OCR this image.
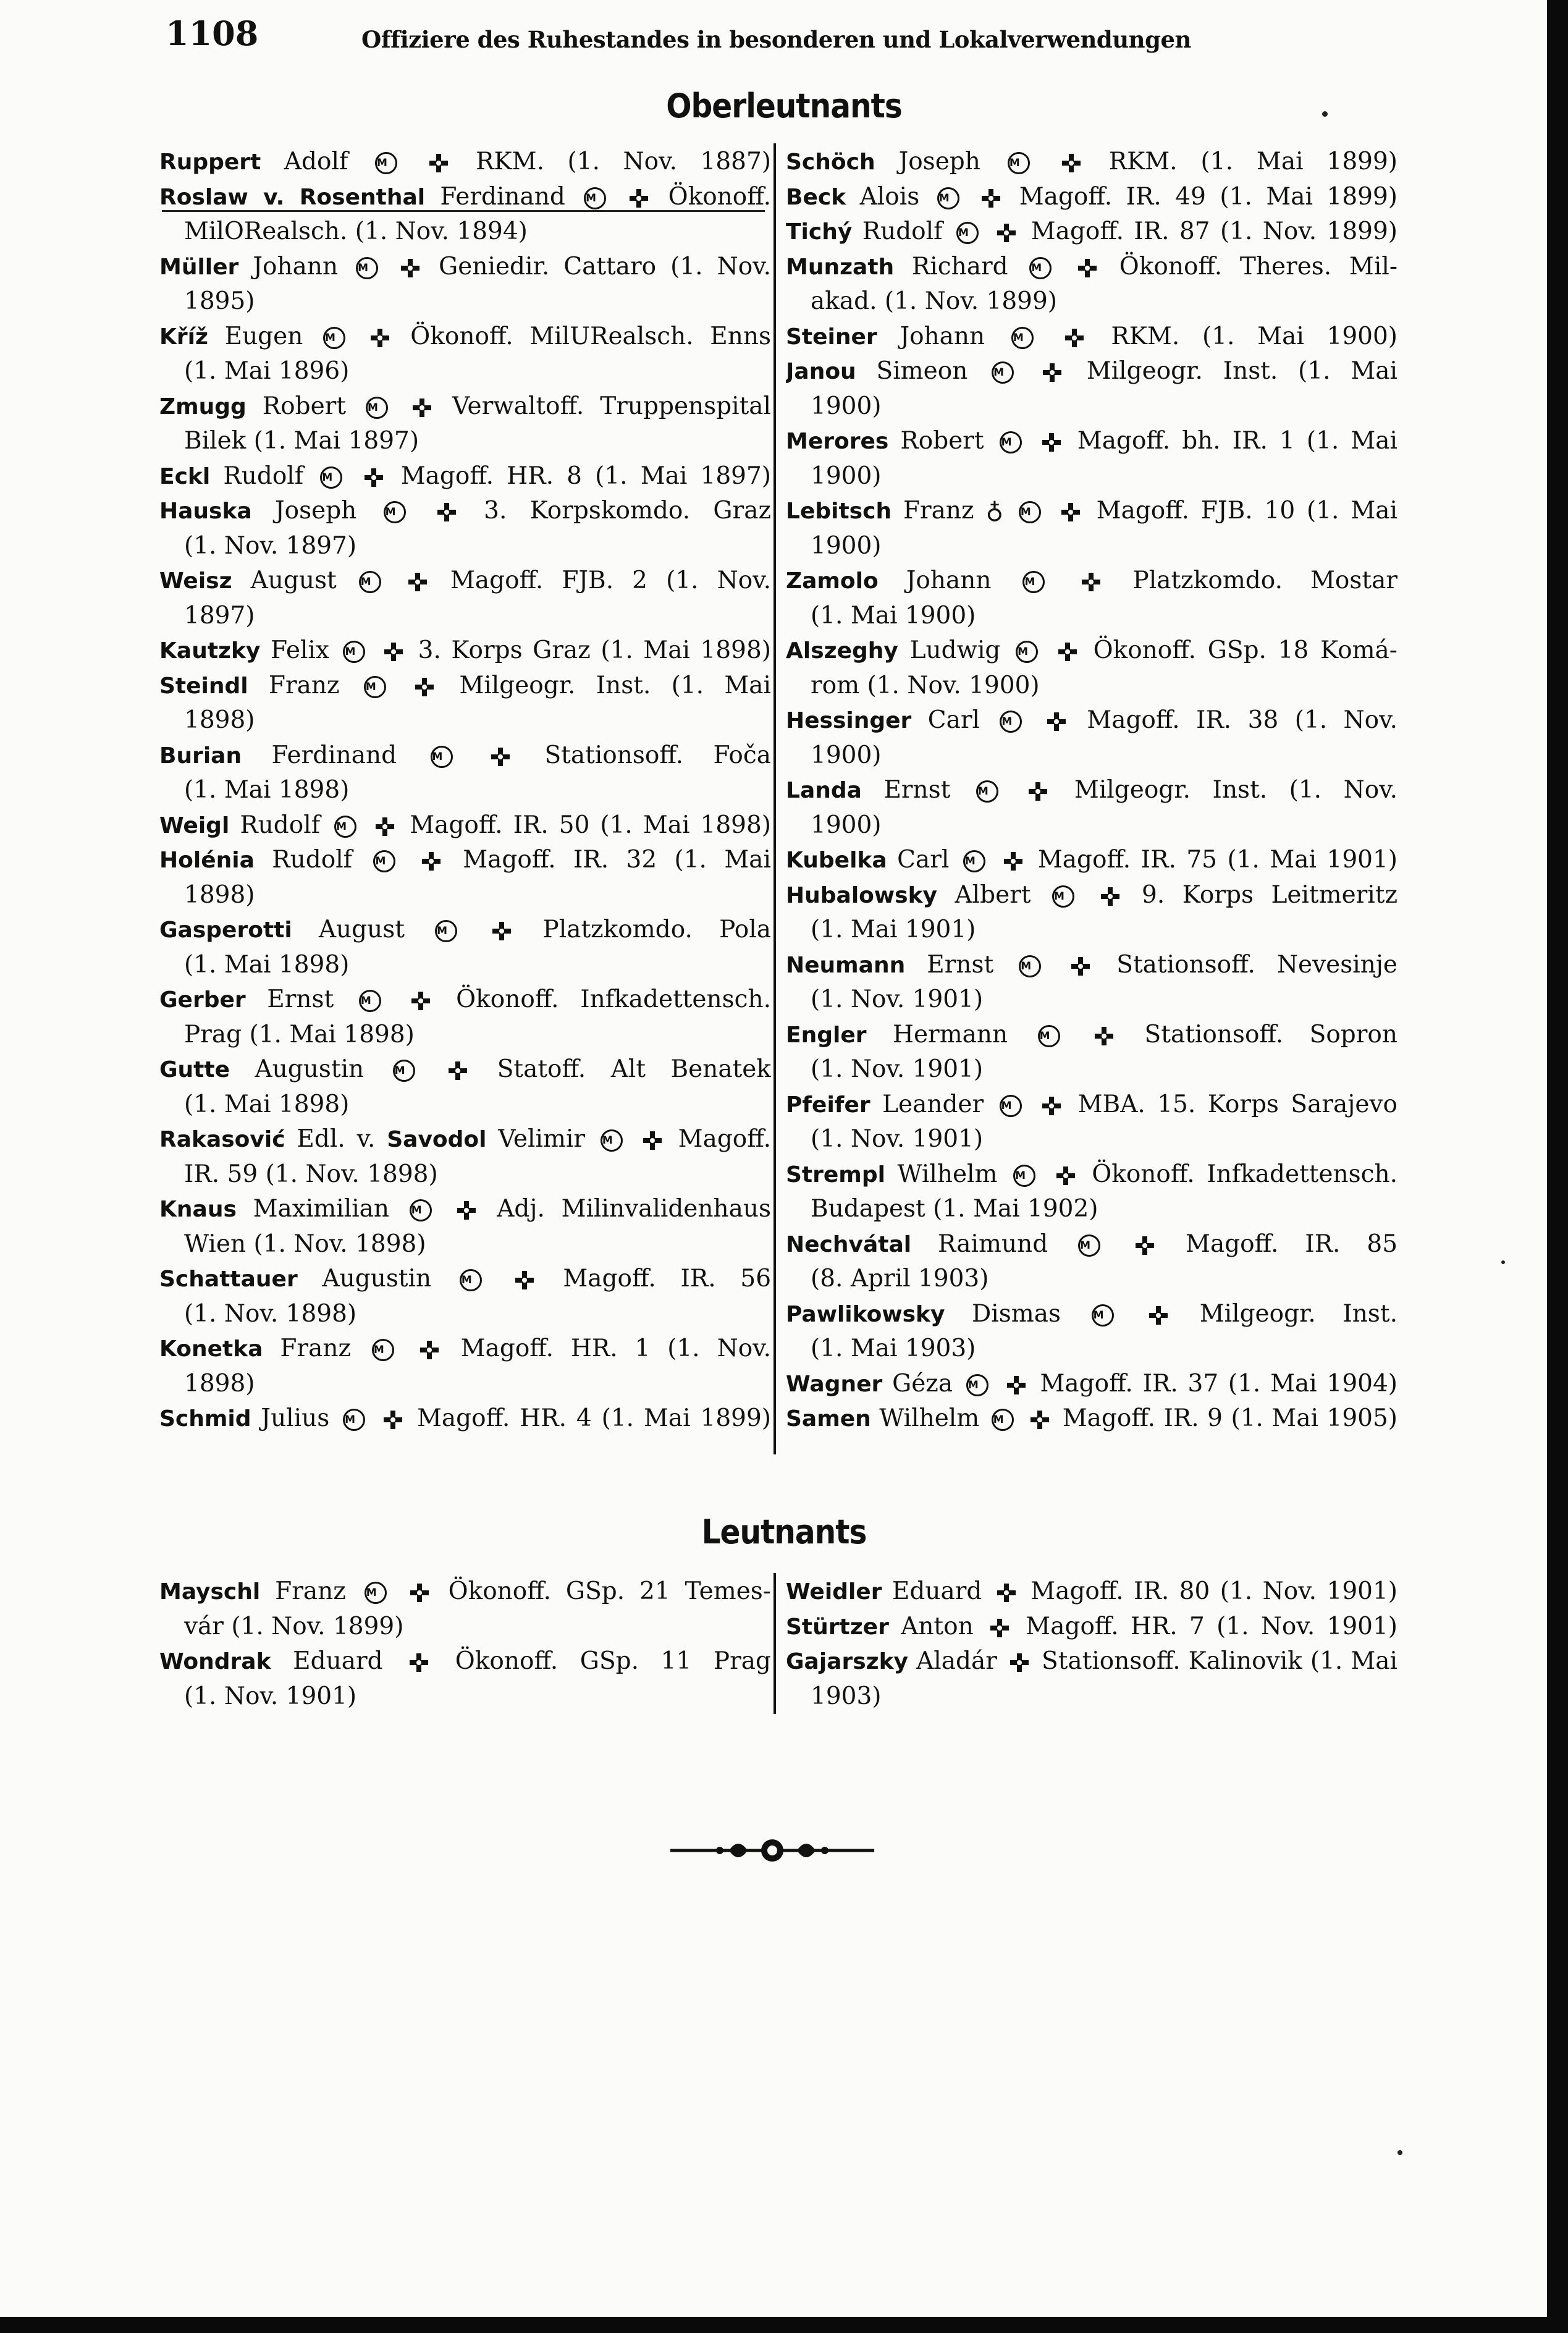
1108	Offiziere des Ruhestandes in besonderen und Lokalverwendungen
Oberleutnants
Ruppert Adolf M	RKM. (1. Nov. 1887)
Roslaw v. Rosenthal Ferdinand M  Ökonoff.
MilORealsch. (1. Nov. 1894)
Müller Johann M  Geniedir. Cattaro (1. Nov.
1895)
Kříž Eugen M  Ökonoff. MilURealsch. Enns
(1. Mai 1896)
Zmugg Robert M  Verwaltoff. Truppenspital
Bilek (1. Mai 1897)
Eckl Rudolf M  Magoff. HR. 8 (1. Mai 1897)
Hauska Joseph M	3. Korpskomdo. Graz
(1. Nov. 1897)
Weisz August M	Magoff. FJB. 2 (1. Nov.
1897)
Kautzky Felix M  3. Korps Graz (1. Mai 1898)
Steindl Franz M	Milgeogr. Inst. (1. Mai
1898)
Burian Ferdinand M	Stationsoff. Foča
(1. Mai 1898)
Weigl Rudolf M  Magoff. IR. 50 (1. Mai 1898)
Holénia Rudolf M  Magoff. IR. 32 (1. Mai
1898)
Gasperotti August M	Platzkomdo. Pola
(1. Mai 1898)
Gerber Ernst M	Ökonoff. Infkadettensch.
Prag (1. Mai 1898)
Gutte Augustin M	Statoff. Alt Benatek
(1. Mai 1898)
Rakasović Edl. v. Savodol Velimir M  Magoff.
IR. 59 (1. Nov. 1898)
Knaus Maximilian M  Adj. Milinvalidenhaus
Wien (1. Nov. 1898)
Schattauer Augustin M	Magoff. IR. 56
(1. Nov. 1898)
Konetka Franz M  Magoff. HR. 1 (1. Nov.
1898)
Schmid Julius M  Magoff. HR. 4 (1. Mai 1899)
Schöch Joseph M	RKM. (1. Mai 1899)
Beck Alois M  Magoff. IR. 49 (1. Mai 1899)
Tichý Rudolf M  Magoff. IR. 87 (1. Nov. 1899)
Munzath Richard M  Ökonoff. Theres. Mil-
akad. (1. Nov. 1899)
Steiner Johann M	RKM. (1. Mai 1900)
Janou Simeon M	Milgeogr. Inst. (1. Mai
1900)
Merores Robert M  Magoff. bh. IR. 1 (1. Mai
1900)
Lebitsch Franz ♁ M  Magoff. FJB. 10 (1. Mai
1900)
Zamolo Johann M	Platzkomdo. Mostar
(1. Mai 1900)
Alszeghy Ludwig M  Ökonoff. GSp. 18 Komá-
rom (1. Nov. 1900)
Hessinger Carl M  Magoff. IR. 38 (1. Nov.
1900)
Landa Ernst M	Milgeogr. Inst. (1. Nov.
1900)
Kubelka Carl M  Magoff. IR. 75 (1. Mai 1901)
Hubalowsky Albert M  9. Korps Leitmeritz
(1. Mai 1901)
Neumann Ernst M	Stationsoff. Nevesinje
(1. Nov. 1901)
Engler Hermann M	Stationsoff. Sopron
(1. Nov. 1901)
Pfeifer Leander M  MBA. 15. Korps Sarajevo
(1. Nov. 1901)
Strempl Wilhelm M  Ökonoff. Infkadettensch.
Budapest (1. Mai 1902)
Nechvátal Raimund M	Magoff. IR. 85
(8. April 1903)
Pawlikowsky Dismas M	Milgeogr. Inst.
(1. Mai 1903)
Wagner Géza M  Magoff. IR. 37 (1. Mai 1904)
Samen Wilhelm M  Magoff. IR. 9 (1. Mai 1905)
Leutnants
Mayschl Franz M  Ökonoff. GSp. 21 Temes-
vár (1. Nov. 1899)
Wondrak Eduard  Ökonoff. GSp. 11 Prag
(1. Nov. 1901)
Weidler Eduard  Magoff. IR. 80 (1. Nov. 1901)
Stürtzer Anton  Magoff. HR. 7 (1. Nov. 1901)
Gajarszky Aladár  Stationsoff. Kalinovik (1. Mai
1903)
